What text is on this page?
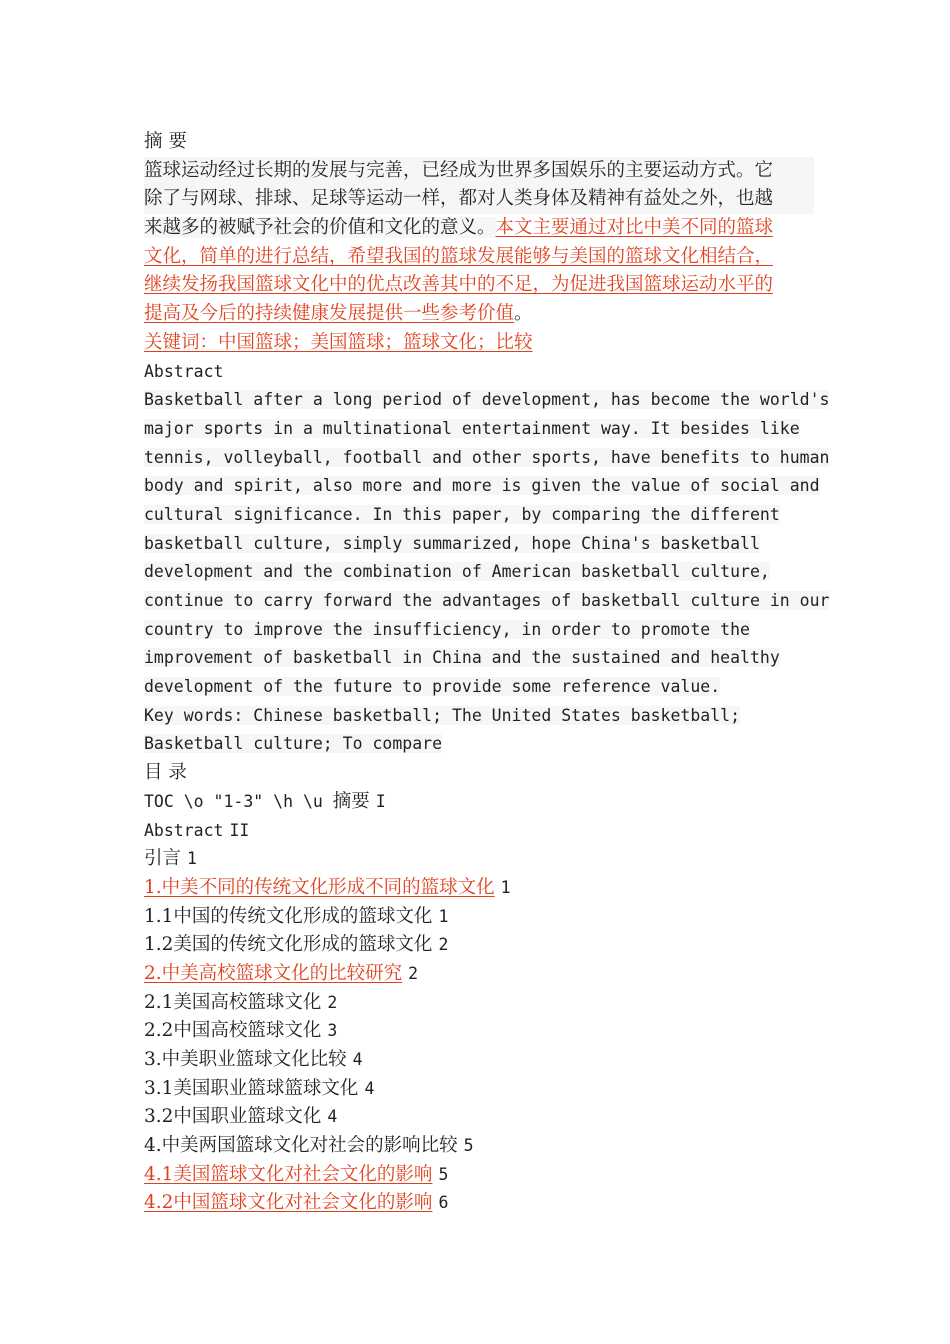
摘 要
篮球运动经过长期的发展与完善，已经成为世界多国娱乐的主要运动方式。它
除了与网球、排球、足球等运动一样，都对人类身体及精神有益处之外，也越
来越多的被赋予社会的价值和文化的意义。本文主要通过对比中美不同的篮球
文化，简单的进行总结，希望我国的篮球发展能够与美国的篮球文化相结合，
继续发扬我国篮球文化中的优点改善其中的不足，为促进我国篮球运动水平的
提高及今后的持续健康发展提供一些参考价值。
关键词：中国篮球；美国篮球；篮球文化；比较
Abstract
Basketball after a long period of development, has become the world's
major sports in a multinational entertainment way. It besides like
tennis, volleyball, football and other sports, have benefits to human
body and spirit, also more and more is given the value of social and
cultural significance. In this paper, by comparing the different
basketball culture, simply summarized, hope China's basketball
development and the combination of American basketball culture,
continue to carry forward the advantages of basketball culture in our
country to improve the insufficiency, in order to promote the
improvement of basketball in China and the sustained and healthy
development of the future to provide some reference value.
Key words: Chinese basketball; The United States basketball;
Basketball culture; To compare
目 录
TOC \o "1-3" \h \u 摘要 I
Abstract II
引言 1
1.中美不同的传统文化形成不同的篮球文化 1
1.1中国的传统文化形成的篮球文化 1
1.2美国的传统文化形成的篮球文化 2
2.中美高校篮球文化的比较研究 2
2.1美国高校篮球文化 2
2.2中国高校篮球文化 3
3.中美职业篮球文化比较 4
3.1美国职业篮球篮球文化 4
3.2中国职业篮球文化 4
4.中美两国篮球文化对社会的影响比较 5
4.1美国篮球文化对社会文化的影响 5
4.2中国篮球文化对社会文化的影响 6
